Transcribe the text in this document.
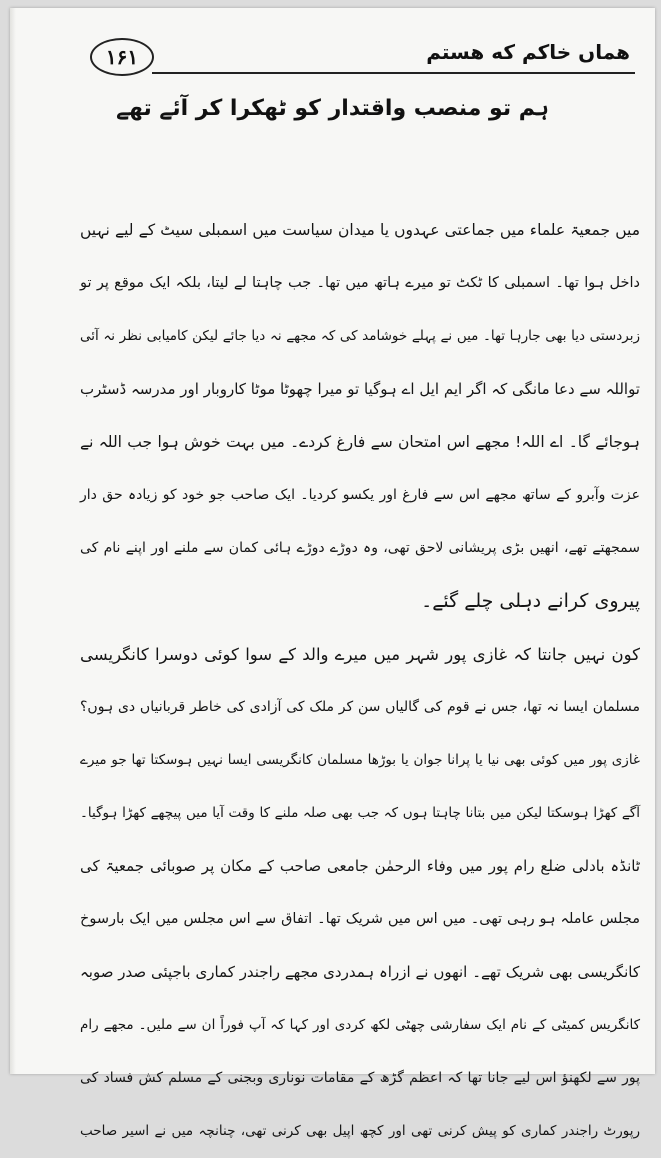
۱۶۱	هماں خاکم که هستم
ہم تو منصب واقتدار کو ٹھکرا کر آئے تھے
میں جمعیۃ علماء میں جماعتی عہدوں یا میدان سیاست میں اسمبلی سیٹ کے لیے نہیں
داخل ہوا تھا۔ اسمبلی کا ٹکٹ تو میرے ہاتھ میں تھا۔ جب چاہتا لے لیتا، بلکہ ایک موقع پر تو
زبردستی دیا بھی جارہا تھا۔ میں نے پہلے خوشامد کی کہ مجھے نہ دیا جائے لیکن کامیابی نظر نہ آئی
تواللہ سے دعا مانگی کہ اگر ایم ایل اے ہوگیا تو میرا چھوٹا موٹا کاروبار اور مدرسہ ڈسٹرب
ہوجائے گا۔ اے اللہ! مجھے اس امتحان سے فارغ کردے۔ میں بہت خوش ہوا جب اللہ نے
عزت وآبرو کے ساتھ مجھے اس سے فارغ اور یکسو کردیا۔ ایک صاحب جو خود کو زیادہ حق دار
سمجھتے تھے، انھیں بڑی پریشانی لاحق تھی، وہ دوڑے دوڑے ہائی کمان سے ملنے اور اپنے نام کی
پیروی کرانے دہلی چلے گئے۔
کون نہیں جانتا کہ غازی پور شہر میں میرے والد کے سوا کوئی دوسرا کانگریسی
مسلمان ایسا نہ تھا، جس نے قوم کی گالیاں سن کر ملک کی آزادی کی خاطر قربانیاں دی ہوں؟
غازی پور میں کوئی بھی نیا یا پرانا جوان یا بوڑھا مسلمان کانگریسی ایسا نہیں ہوسکتا تھا جو میرے
آگے کھڑا ہوسکتا لیکن میں بتانا چاہتا ہوں کہ جب بھی صلہ ملنے کا وقت آیا میں پیچھے کھڑا ہوگیا۔
ٹانڈہ بادلی ضلع رام پور میں وفاء الرحمٰن جامعی صاحب کے مکان پر صوبائی جمعیۃ کی
مجلس عاملہ ہو رہی تھی۔ میں اس میں شریک تھا۔ اتفاق سے اس مجلس میں ایک بارسوخ
کانگریسی بھی شریک تھے۔ انھوں نے ازراہ ہمدردی مجھے راجندر کماری باجپئی صدر صوبہ
کانگریس کمیٹی کے نام ایک سفارشی چھٹی لکھ کردی اور کہا کہ آپ فوراً ان سے ملیں۔ مجھے رام
پور سے لکھنؤ اس لیے جانا تھا کہ اعظم گڑھ کے مقامات نوناری وبجنی کے مسلم کش فساد کی
رپورٹ راجندر کماری کو پیش کرنی تھی اور کچھ اپیل بھی کرنی تھی، چنانچہ میں نے اسیر صاحب
